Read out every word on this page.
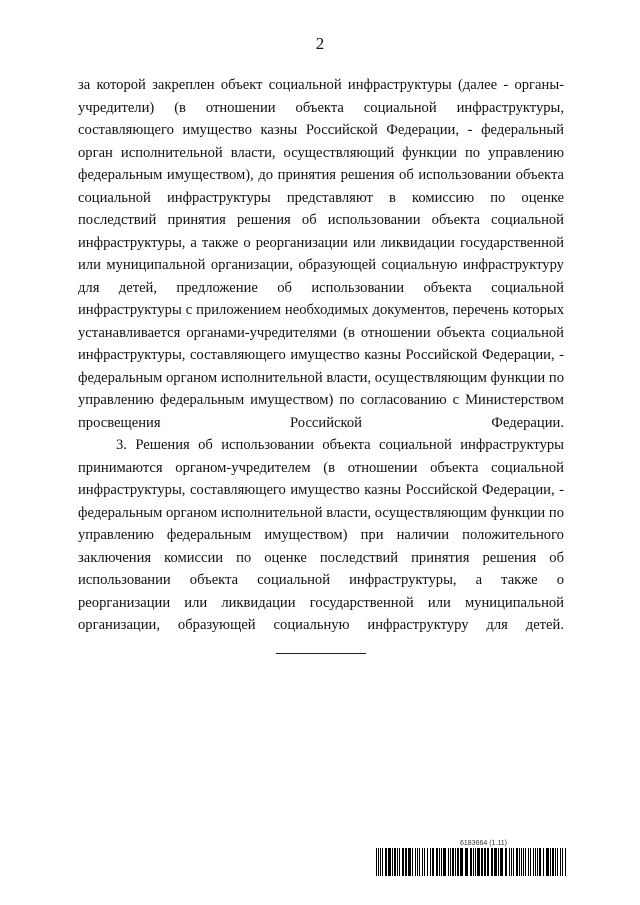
2

за которой закреплен объект социальной инфраструктуры (далее - органы- учредители) (в отношении объекта социальной инфраструктуры, составляющего имущество казны Российской Федерации, - федеральный орган исполнительной власти, осуществляющий функции по управлению федеральным имуществом), до принятия решения об использовании объекта социальной инфраструктуры представляют в комиссию по оценке последствий принятия решения об использовании объекта социальной инфраструктуры, а также о реорганизации или ликвидации государственной или муниципальной организации, образующей социальную инфраструктуру для детей, предложение об использовании объекта социальной инфраструктуры с приложением необходимых документов, перечень которых устанавливается органами-учредителями (в отношении объекта социальной инфраструктуры, составляющего имущество казны Российской Федерации, - федеральным органом исполнительной власти, осуществляющим функции по управлению федеральным имуществом) по согласованию с Министерством просвещения Российской Федерации.

3. Решения об использовании объекта социальной инфраструктуры принимаются органом-учредителем (в отношении объекта социальной инфраструктуры, составляющего имущество казны Российской Федерации, - федеральным органом исполнительной власти, осуществляющим функции по управлению федеральным имуществом) при наличии положительного заключения комиссии по оценке последствий принятия решения об использовании объекта социальной инфраструктуры, а также о реорганизации или ликвидации государственной или муниципальной организации, образующей социальную инфраструктуру для детей.

6183664 (1.11)
